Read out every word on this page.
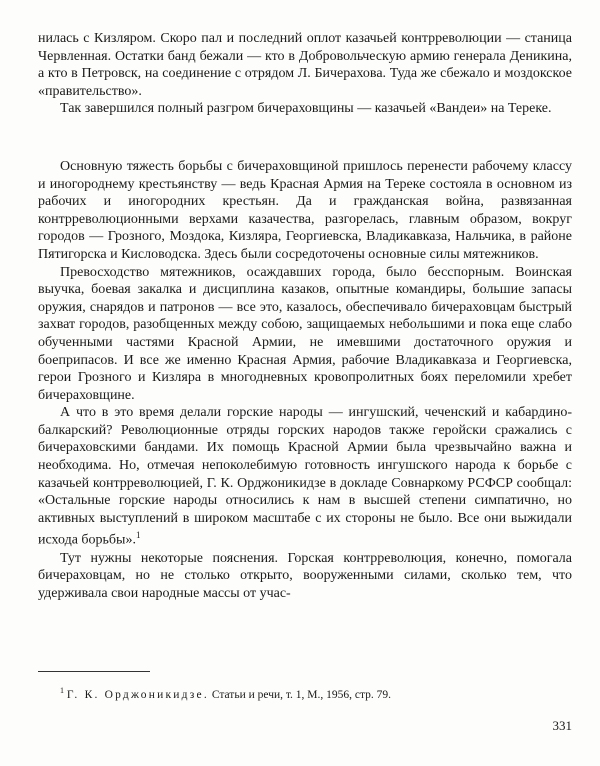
нилась с Кизляром. Скоро пал и последний оплот казачьей контрреволюции — станица Червленная. Остатки банд бежали — кто в Добровольческую армию генерала Деникина, а кто в Петровск, на соединение с отрядом Л. Бичерахова. Туда же сбежало и моздокское «правительство».

Так завершился полный разгром бичераховщины — казачьей «Вандеи» на Тереке.

Основную тяжесть борьбы с бичераховщиной пришлось перенести рабочему классу и иногороднему крестьянству — ведь Красная Армия на Тереке состояла в основном из рабочих и иногородних крестьян. Да и гражданская война, развязанная контрреволюционными верхами казачества, разгорелась, главным образом, вокруг городов — Грозного, Моздока, Кизляра, Георгиевска, Владикавказа, Нальчика, в районе Пятигорска и Кисловодска. Здесь были сосредоточены основные силы мятежников.

Превосходство мятежников, осаждавших города, было бесспорным. Воинская выучка, боевая закалка и дисциплина казаков, опытные командиры, большие запасы оружия, снарядов и патронов — все это, казалось, обеспечивало бичераховцам быстрый захват городов, разобщенных между собою, защищаемых небольшими и пока еще слабо обученными частями Красной Армии, не имевшими достаточного оружия и боеприпасов. И все же именно Красная Армия, рабочие Владикавказа и Георгиевска, герои Грозного и Кизляра в многодневных кровопролитных боях переломили хребет бичераховщине.

А что в это время делали горские народы — ингушский, чеченский и кабардино-балкарский? Революционные отряды горских народов также геройски сражались с бичераховскими бандами. Их помощь Красной Армии была чрезвычайно важна и необходима. Но, отмечая непоколебимую готовность ингушского народа к борьбе с казачьей контрреволюцией, Г. К. Орджоникидзе в докладе Совнаркому РСФСР сообщал: «Остальные горские народы относились к нам в высшей степени симпатично, но активных выступлений в широком масштабе с их стороны не было. Все они выжидали исхода борьбы».$^1$

Тут нужны некоторые пояснения. Горская контрреволюция, конечно, помогала бичераховцам, но не столько открыто, вооруженными силами, сколько тем, что удерживала свои народные массы от учас-

$^1$ Г. К. Орджоникидзе. Статьи и речи, т. 1, М., 1956, стр. 79.
331
